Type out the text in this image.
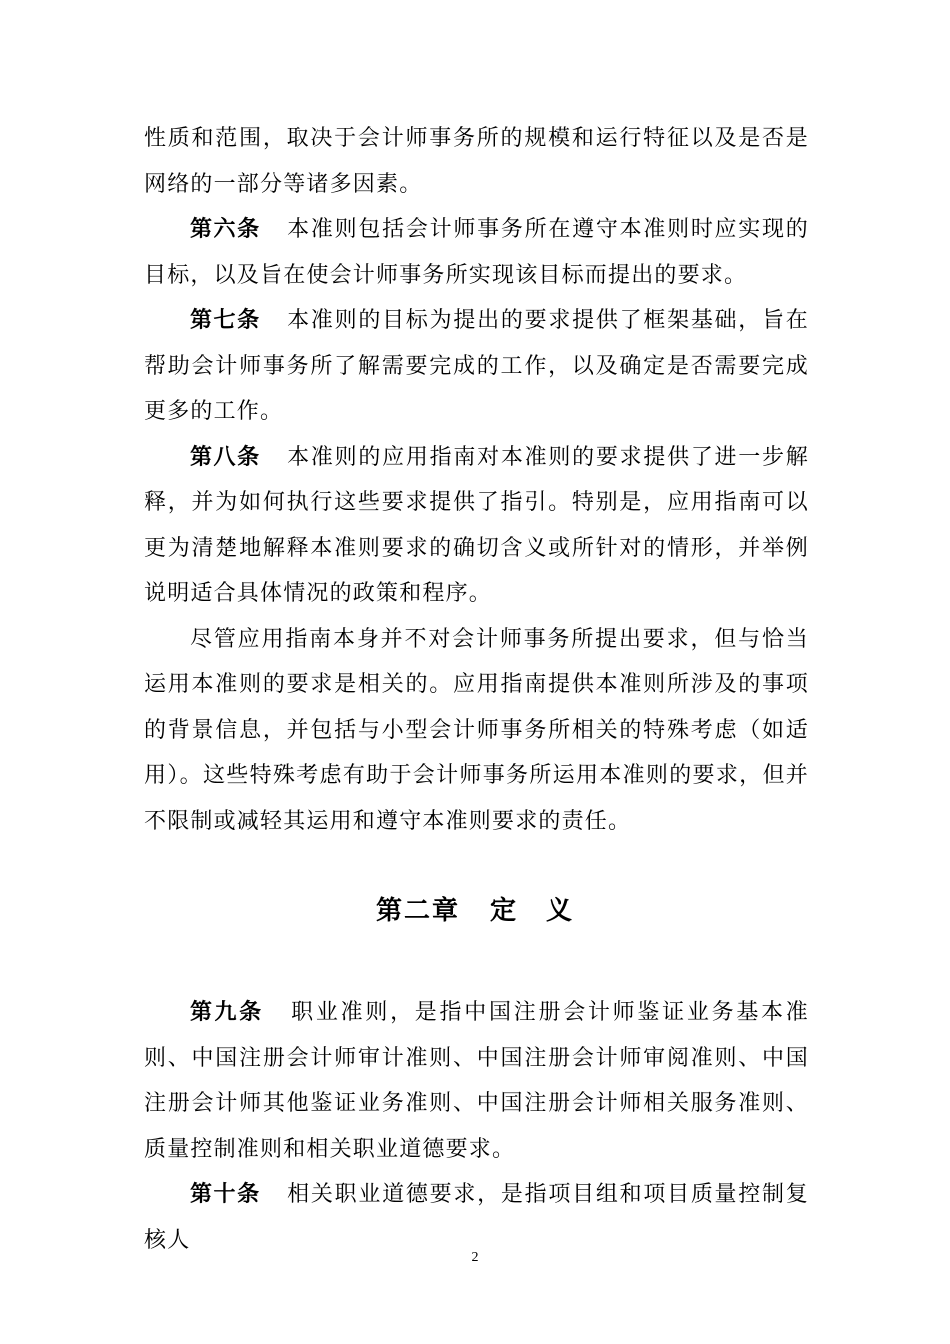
性质和范围，取决于会计师事务所的规模和运行特征以及是否是网络的一部分等诸多因素。

第六条 本准则包括会计师事务所在遵守本准则时应实现的目标，以及旨在使会计师事务所实现该目标而提出的要求。

第七条 本准则的目标为提出的要求提供了框架基础，旨在帮助会计师事务所了解需要完成的工作，以及确定是否需要完成更多的工作。

第八条 本准则的应用指南对本准则的要求提供了进一步解释，并为如何执行这些要求提供了指引。特别是，应用指南可以更为清楚地解释本准则要求的确切含义或所针对的情形，并举例说明适合具体情况的政策和程序。

尽管应用指南本身并不对会计师事务所提出要求，但与恰当运用本准则的要求是相关的。应用指南提供本准则所涉及的事项的背景信息，并包括与小型会计师事务所相关的特殊考虑（如适用）。这些特殊考虑有助于会计师事务所运用本准则的要求，但并不限制或减轻其运用和遵守本准则要求的责任。

第二章 定　义

第九条 职业准则，是指中国注册会计师鉴证业务基本准则、中国注册会计师审计准则、中国注册会计师审阅准则、中国注册会计师其他鉴证业务准则、中国注册会计师相关服务准则、质量控制准则和相关职业道德要求。

第十条 相关职业道德要求，是指项目组和项目质量控制复核人

2
